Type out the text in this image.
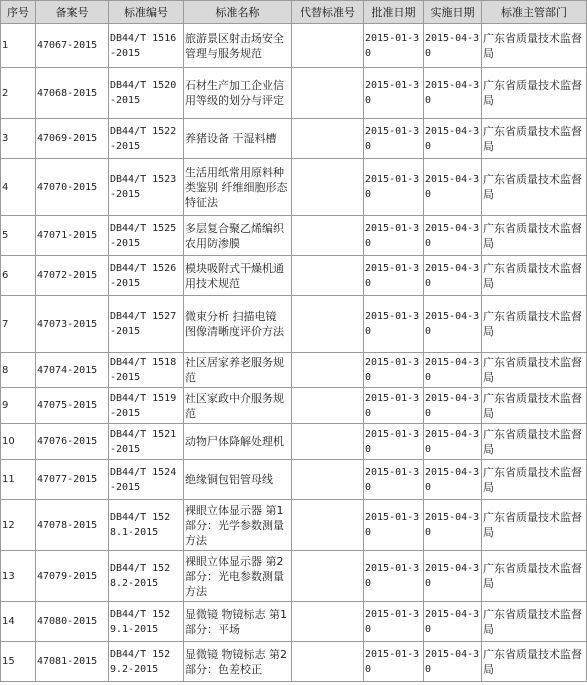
序号	备案号	标准编号	标准名称	代替标准号	批准日期	实施日期	标准主管部门
1	47067-2015	DB44/T 1516-2015	旅游景区射击场安全管理与服务规范		2015-01-30	2015-04-30	广东省质量技术监督局
2	47068-2015	DB44/T 1520-2015	石材生产加工企业信用等级的划分与评定		2015-01-30	2015-04-30	广东省质量技术监督局
3	47069-2015	DB44/T 1522-2015	养猪设备 干湿料槽		2015-01-30	2015-04-30	广东省质量技术监督局
4	47070-2015	DB44/T 1523-2015	生活用纸常用原料种类鉴别 纤维细胞形态特征法		2015-01-30	2015-04-30	广东省质量技术监督局
5	47071-2015	DB44/T 1525-2015	多层复合聚乙烯编织农用防渗膜		2015-01-30	2015-04-30	广东省质量技术监督局
6	47072-2015	DB44/T 1526-2015	模块吸附式干燥机通用技术规范		2015-01-30	2015-04-30	广东省质量技术监督局
7	47073-2015	DB44/T 1527-2015	微束分析 扫描电镜 图像清晰度评价方法		2015-01-30	2015-04-30	广东省质量技术监督局
8	47074-2015	DB44/T 1518-2015	社区居家养老服务规范		2015-01-30	2015-04-30	广东省质量技术监督局
9	47075-2015	DB44/T 1519-2015	社区家政中介服务规范		2015-01-30	2015-04-30	广东省质量技术监督局
10	47076-2015	DB44/T 1521-2015	动物尸体降解处理机		2015-01-30	2015-04-30	广东省质量技术监督局
11	47077-2015	DB44/T 1524-2015	绝缘铜包铝管母线		2015-01-30	2015-04-30	广东省质量技术监督局
12	47078-2015	DB44/T 1528.1-2015	裸眼立体显示器 第1部分：光学参数测量方法		2015-01-30	2015-04-30	广东省质量技术监督局
13	47079-2015	DB44/T 1528.2-2015	裸眼立体显示器 第2部分：光电参数测量方法		2015-01-30	2015-04-30	广东省质量技术监督局
14	47080-2015	DB44/T 1529.1-2015	显微镜 物镜标志 第1部分：平场		2015-01-30	2015-04-30	广东省质量技术监督局
15	47081-2015	DB44/T 1529.2-2015	显微镜 物镜标志 第2部分：色差校正		2015-01-30	2015-04-30	广东省质量技术监督局
